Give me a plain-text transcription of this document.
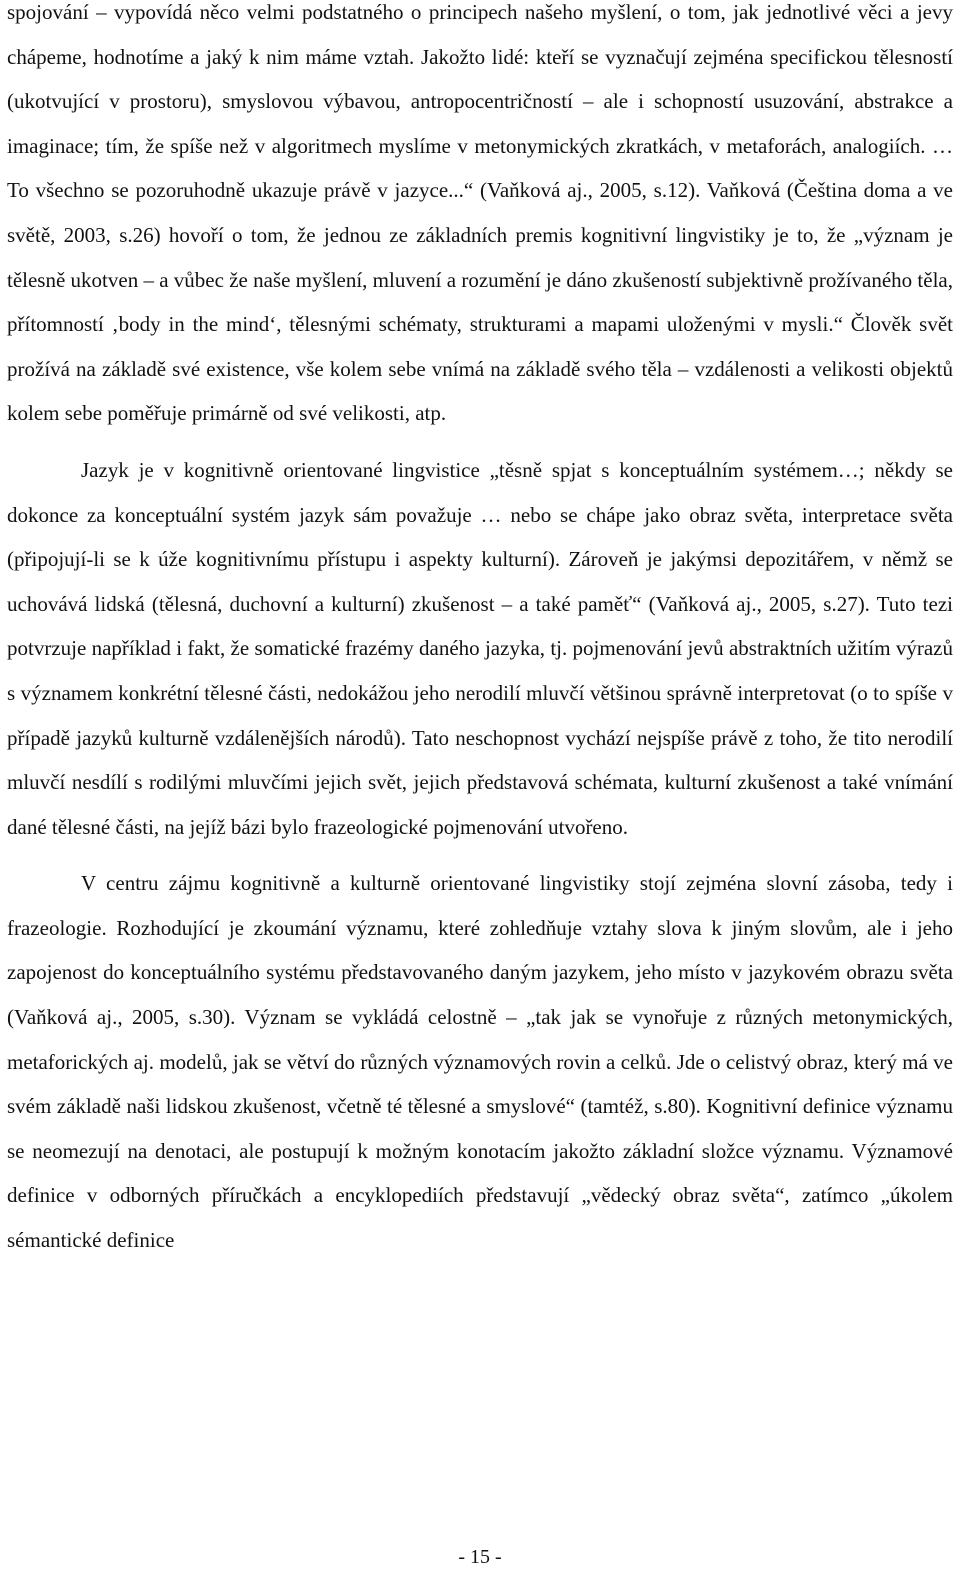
spojování – vypovídá něco velmi podstatného o principech našeho myšlení, o tom, jak jednotlivé věci a jevy chápeme, hodnotíme a jaký k nim máme vztah. Jakožto lidé: kteří se vyznačují zejména specifickou tělesností (ukotvující v prostoru), smyslovou výbavou, antropocentričností – ale i schopností usuzování, abstrakce a imaginace; tím, že spíše než v algoritmech myslíme v metonymických zkratkách, v metaforách, analogiích. … To všechno se pozoruhodně ukazuje právě v jazyce...“ (Vaňková aj., 2005, s.12). Vaňková (Čeština doma a ve světě, 2003, s.26) hovoří o tom, že jednou ze základních premis kognitivní lingvistiky je to, že „význam je tělesně ukotven – a vůbec že naše myšlení, mluvení a rozumění je dáno zkušeností subjektivně prožívaného těla, přítomností ‚body in the mind‘, tělesnými schématy, strukturami a mapami uloženými v mysli.“ Člověk svět prožívá na základě své existence, vše kolem sebe vnímá na základě svého těla – vzdálenosti a velikosti objektů kolem sebe poměřuje primárně od své velikosti, atp.

Jazyk je v kognitivně orientované lingvistice „těsně spjat s konceptuálním systémem…; někdy se dokonce za konceptuální systém jazyk sám považuje … nebo se chápe jako obraz světa, interpretace světa (připojují-li se k úže kognitivnímu přístupu i aspekty kulturní). Zároveň je jakýmsi depozitářem, v němž se uchovává lidská (tělesná, duchovní a kulturní) zkušenost – a také paměť“ (Vaňková aj., 2005, s.27). Tuto tezi potvrzuje například i fakt, že somatické frazémy daného jazyka, tj. pojmenování jevů abstraktních užitím výrazů s významem konkrétní tělesné části, nedokážou jeho nerodilí mluvčí většinou správně interpretovat (o to spíše v případě jazyků kulturně vzdálenějších národů). Tato neschopnost vychází nejspíše právě z toho, že tito nerodilí mluvčí nesdílí s rodilými mluvčími jejich svět, jejich představová schémata, kulturní zkušenost a také vnímání dané tělesné části, na jejíž bázi bylo frazeologické pojmenování utvořeno.

V centru zájmu kognitivně a kulturně orientované lingvistiky stojí zejména slovní zásoba, tedy i frazeologie. Rozhodující je zkoumání významu, které zohledňuje vztahy slova k jiným slovům, ale i jeho zapojenost do konceptuálního systému představovaného daným jazykem, jeho místo v jazykovém obrazu světa (Vaňková aj., 2005, s.30). Význam se vykládá celostně – „tak jak se vynořuje z různých metonymických, metaforických aj. modelů, jak se větví do různých významových rovin a celků. Jde o celistvý obraz, který má ve svém základě naši lidskou zkušenost, včetně té tělesné a smyslové“ (tamtéž, s.80). Kognitivní definice významu se neomezují na denotaci, ale postupují k možným konotacím jakožto základní složce významu. Významové definice v odborných příručkách a encyklopediích představují „vědecký obraz světa“, zatímco „úkolem sémantické definice

- 15 -
